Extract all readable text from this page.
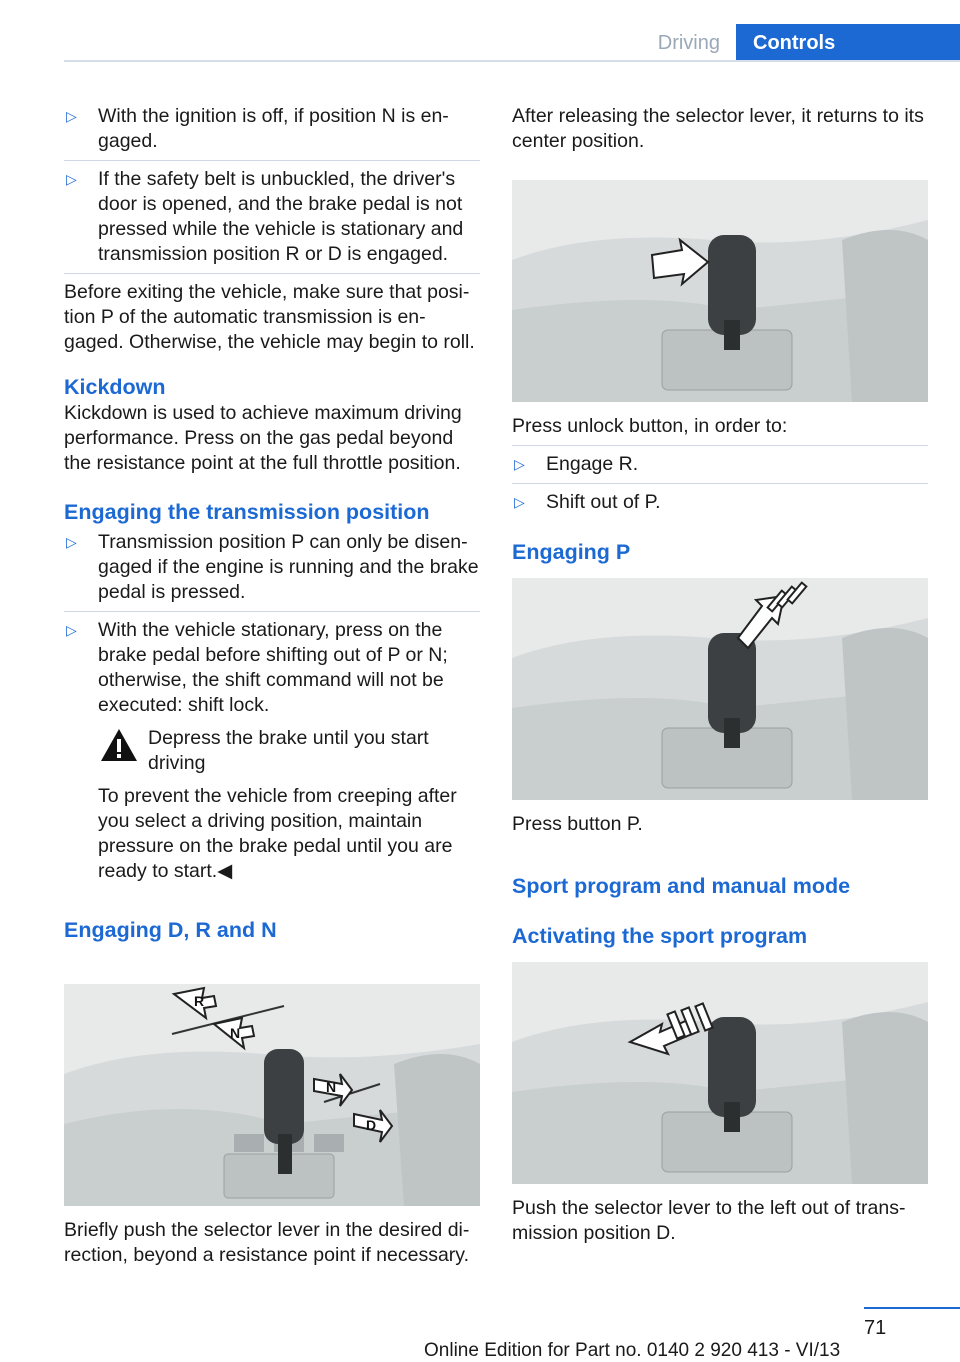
Driving	Controls
▷ With the ignition is off, if position N is en‐ gaged.
▷ If the safety belt is unbuckled, the driver's door is opened, and the brake pedal is not pressed while the vehicle is stationary and transmission position R or D is engaged.

Before exiting the vehicle, make sure that posi‐ tion P of the automatic transmission is en‐ gaged. Otherwise, the vehicle may begin to roll.

Kickdown

Kickdown is used to achieve maximum driving performance. Press on the gas pedal beyond the resistance point at the full throttle position.

Engaging the transmission position
▷ Transmission position P can only be disen‐ gaged if the engine is running and the brake pedal is pressed.
▷ With the vehicle stationary, press on the brake pedal before shifting out of P or N; otherwise, the shift command will not be executed: shift lock.
Depress the brake until you start driving
To prevent the vehicle from creeping after you select a driving position, maintain pressure on the brake pedal until you are ready to start.◀
Engaging D, R and N
R
N
N
D

Briefly push the selector lever in the desired di‐ rection, beyond a resistance point if necessary.

After releasing the selector lever, it returns to its center position.

Press unlock button, in order to:

▷ Engage R.
▷ Shift out of P.
Engaging P

Press button P.

Sport program and manual mode
Activating the sport program

Push the selector lever to the left out of trans‐ mission position D.

71
Online Edition for Part no. 0140 2 920 413 - VI/13
